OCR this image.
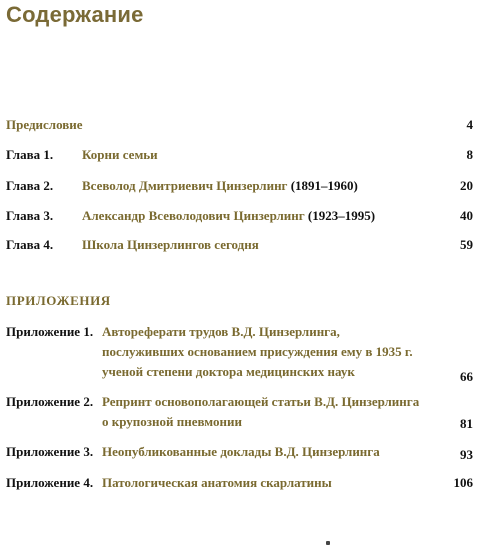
Содержание
Предисловие	4
Глава 1. Корни семьи	8
Глава 2. Всеволод Дмитриевич Цинзерлинг (1891–1960)	20
Глава 3. Александр Всеволодович Цинзерлинг (1923–1995)	40
Глава 4. Школа Цинзерлингов сегодня	59
ПРИЛОЖЕНИЯ
Приложение 1. Автореферати трудов В.Д. Цинзерлинга,
послуживших основанием присуждения ему в 1935 г.
ученой степени доктора медицинских наук	66
Приложение 2. Репринт основополагающей статьи В.Д. Цинзерлинга
о крупозной пневмонии	81
Приложение 3. Неопубликованные доклады В.Д. Цинзерлинга	93
Приложение 4. Патологическая анатомия скарлатины	106
